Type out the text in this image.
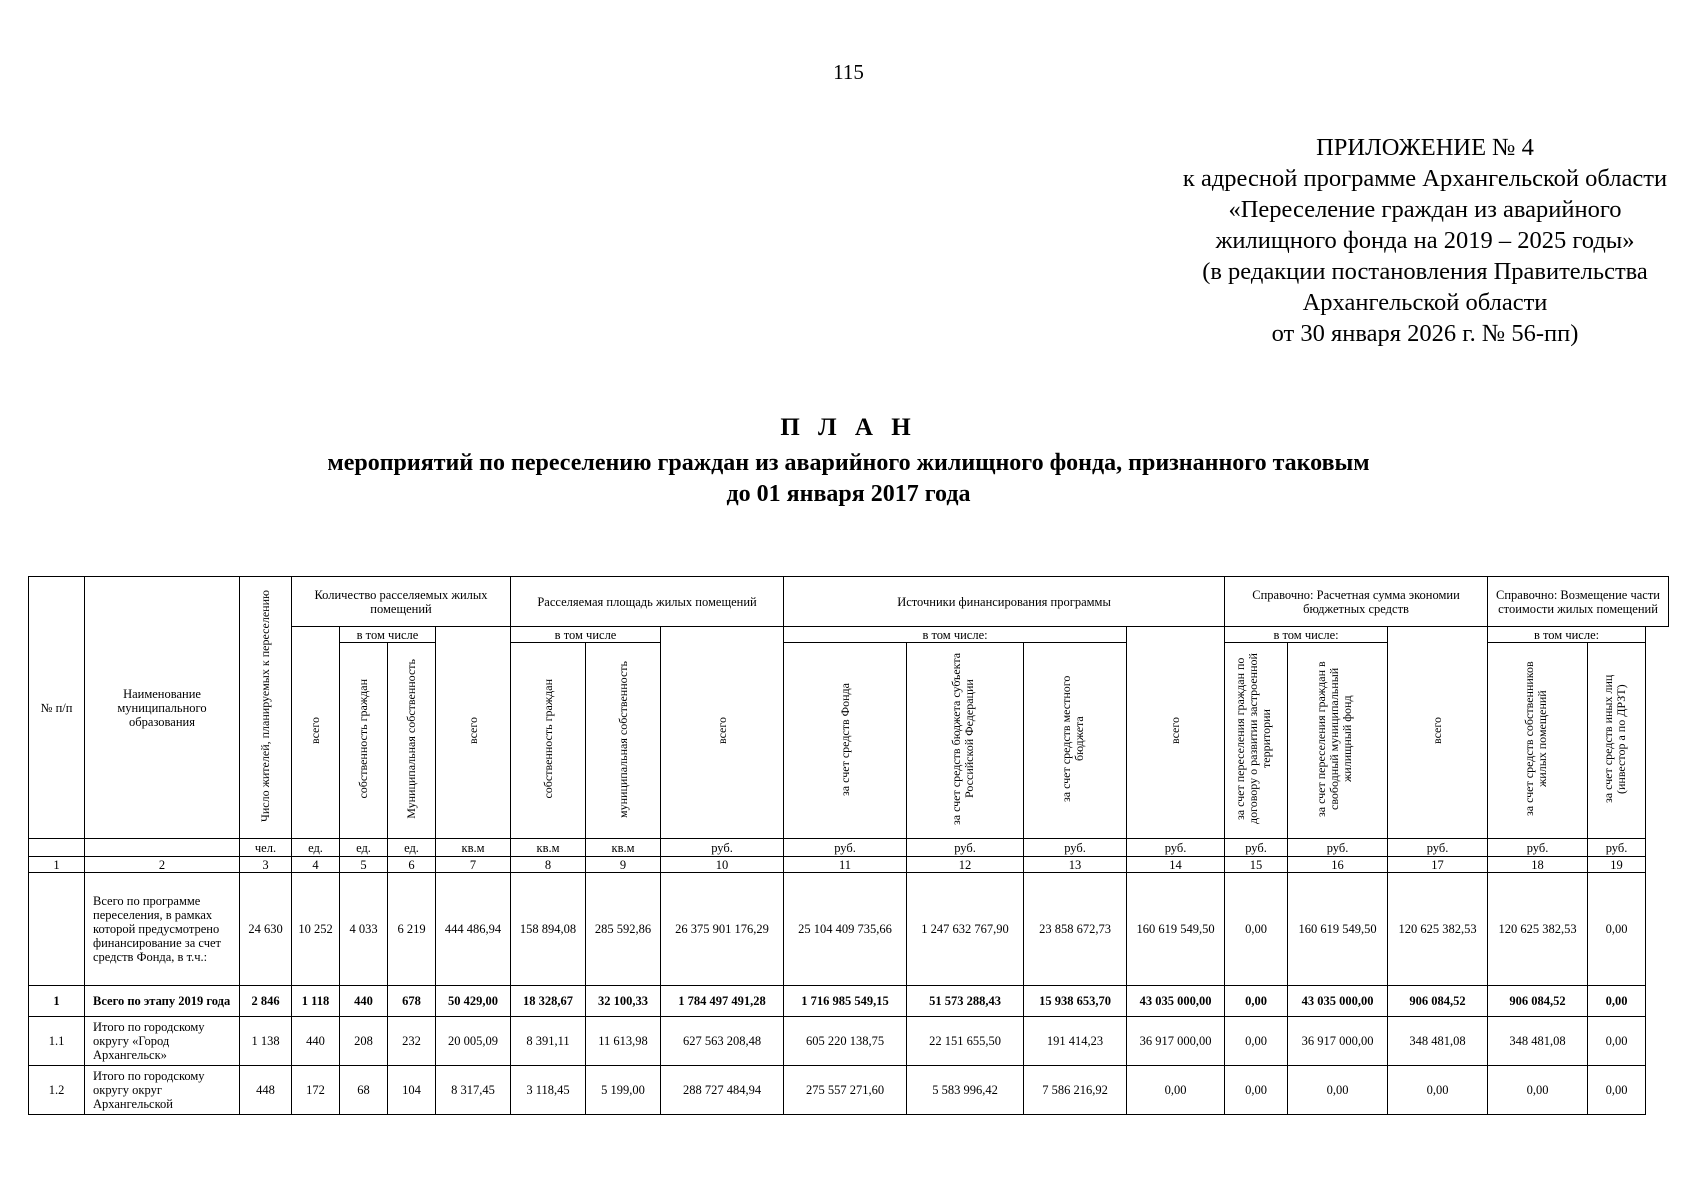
115
ПРИЛОЖЕНИЕ № 4
к адресной программе Архангельской области
«Переселение граждан из аварийного
жилищного фонда на 2019 – 2025 годы»
(в редакции постановления Правительства
Архангельской области
от 30 января 2026 г. № 56-пп)
П Л А Н
мероприятий по переселению граждан из аварийного жилищного фонда, признанного таковым
до 01 января 2017 года
№ п/п	Наименование муниципального образования	Число жителей, планируемых к переселению	Количество расселяемых жилых помещений				Расселяемая площадь жилых помещений			Источники финансирования программы				Справочно: Расчетная сумма экономии бюджетных средств			Справочно: Возмещение части стоимости жилых помещений	
			всего	в том числе		всего	в том числе		всего	в том числе:			всего	в том числе:		всего	в том числе:	
				собственность граждан	Муниципальная собственность		собственность граждан	муниципальная собственность		за счет средств Фонда	за счет средств бюджета субъекта Российской Федерации	за счет средств местного бюджета		за счет переселения граждан по договору о развитии застроенной территории	за счет переселения граждан в свободный муниципальный жилищный фонд		за счет средств собственников жилых помещений	за счет средств иных лиц (инвестор а по ДРЗТ)
		чел.	ед.	ед.	ед.	кв.м	кв.м	кв.м	руб.	руб.	руб.	руб.	руб.	руб.	руб.	руб.	руб.	руб.
1	2	3	4	5	6	7	8	9	10	11	12	13	14	15	16	17	18	19
	Всего по программе переселения, в рамках которой предусмотрено финансирование за счет средств Фонда, в т.ч.:	24 630	10 252	4 033	6 219	444 486,94	158 894,08	285 592,86	26 375 901 176,29	25 104 409 735,66	1 247 632 767,90	23 858 672,73	160 619 549,50	0,00	160 619 549,50	120 625 382,53	120 625 382,53	0,00
1	Всего по этапу 2019 года	2 846	1 118	440	678	50 429,00	18 328,67	32 100,33	1 784 497 491,28	1 716 985 549,15	51 573 288,43	15 938 653,70	43 035 000,00	0,00	43 035 000,00	906 084,52	906 084,52	0,00
1.1	Итого по городскому округу «Город Архангельск»	1 138	440	208	232	20 005,09	8 391,11	11 613,98	627 563 208,48	605 220 138,75	22 151 655,50	191 414,23	36 917 000,00	0,00	36 917 000,00	348 481,08	348 481,08	0,00
1.2	Итого по городскому округу округ Архангельской	448	172	68	104	8 317,45	3 118,45	5 199,00	288 727 484,94	275 557 271,60	5 583 996,42	7 586 216,92	0,00	0,00	0,00	0,00	0,00	0,00
